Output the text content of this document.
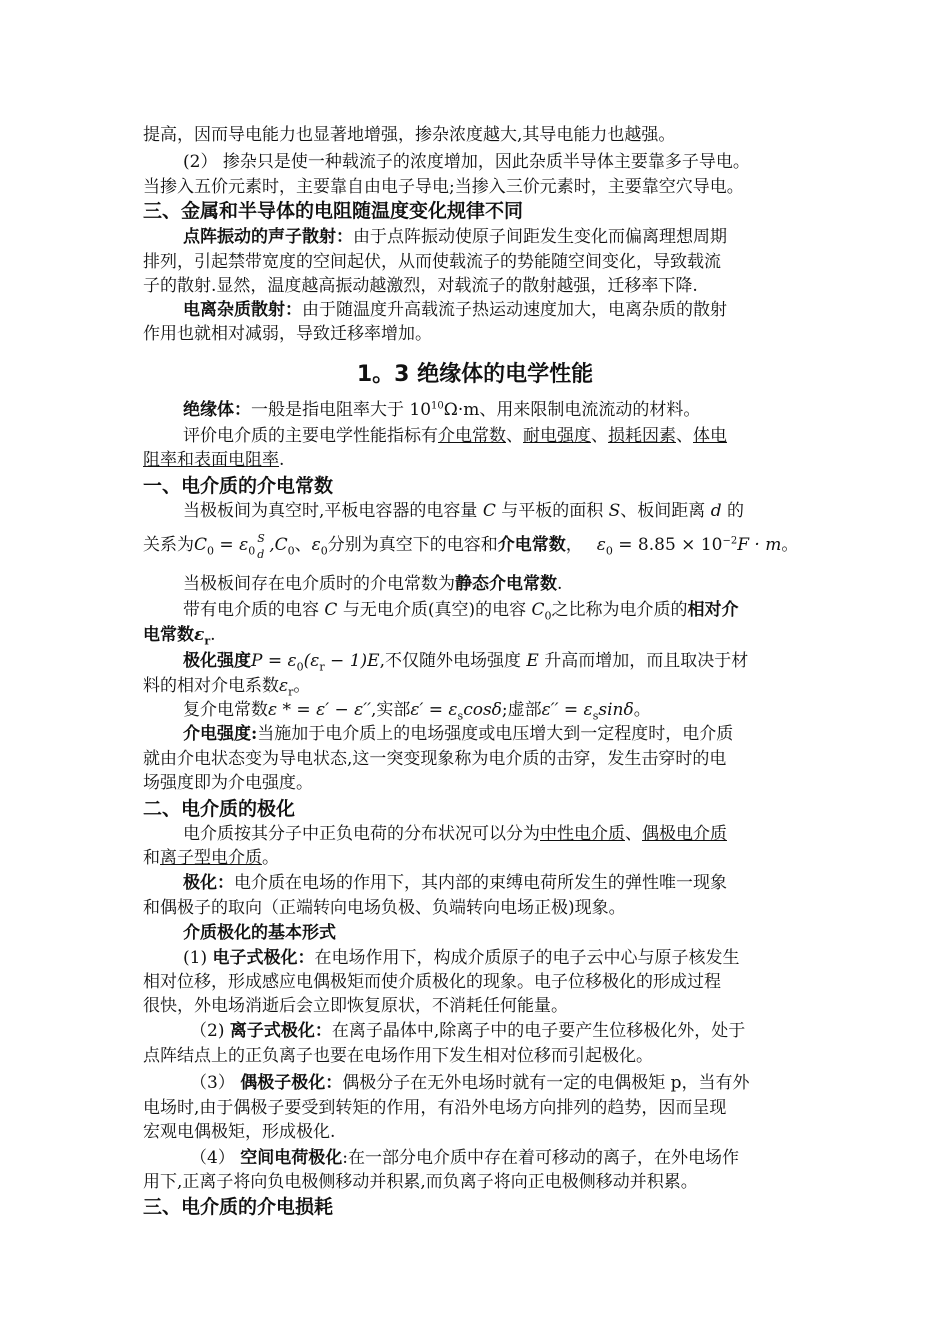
提高，因而导电能力也显著地增强，掺杂浓度越大,其导电能力也越强。
(2） 掺杂只是使一种载流子的浓度增加，因此杂质半导体主要靠多子导电。
当掺入五价元素时，主要靠自由电子导电;当掺入三价元素时，主要靠空穴导电。
三、金属和半导体的电阻随温度变化规律不同
点阵振动的声子散射：由于点阵振动使原子间距发生变化而偏离理想周期
排列，引起禁带宽度的空间起伏，从而使载流子的势能随空间变化，导致载流
子的散射.显然，温度越高振动越激烈，对载流子的散射越强，迁移率下降.
电离杂质散射：由于随温度升高载流子热运动速度加大，电离杂质的散射
作用也就相对减弱，导致迁移率增加。
1。3 绝缘体的电学性能
绝缘体：一般是指电阻率大于 $10^{10}\Omega\cdot m$、用来限制电流流动的材料。
评价电介质的主要电学性能指标有介电常数、耐电强度、损耗因素、体电
阻率和表面电阻率.
一、电介质的介电常数
当极板间为真空时,平板电容器的电容量 C 与平板的面积 S、板间距离 d 的
关系为$C_0 = \varepsilon_0$
S
d $,C_0$、$\varepsilon_0$分别为真空下的电容和介电常数， $\varepsilon_0 = 8.85 \times 10^{-2}F \cdot m$。
当极板间存在电介质时的介电常数为静态介电常数.
带有电介质的电容 C 与无电介质(真空)的电容 $C_0$之比称为电介质的相对介
电常数$\varepsilon_r$.
极化强度$P = \varepsilon_0(\varepsilon_r - 1)E$,不仅随外电场强度 E 升高而增加，而且取决于材
料的相对介电系数$\varepsilon_r$。
复介电常数ε * = ε′ − ε′′,实部$\varepsilon' = \varepsilon_s\cos\delta$;虚部$\varepsilon'' = \varepsilon_s\sin\delta$。
介电强度:当施加于电介质上的电场强度或电压增大到一定程度时，电介质
就由介电状态变为导电状态,这一突变现象称为电介质的击穿，发生击穿时的电
场强度即为介电强度。
二、电介质的极化
电介质按其分子中正负电荷的分布状况可以分为中性电介质、偶极电介质
和离子型电介质。
极化：电介质在电场的作用下，其内部的束缚电荷所发生的弹性唯一现象
和偶极子的取向（正端转向电场负极、负端转向电场正极)现象。
介质极化的基本形式
(1) 电子式极化：在电场作用下，构成介质原子的电子云中心与原子核发生
相对位移，形成感应电偶极矩而使介质极化的现象。电子位移极化的形成过程
很快，外电场消逝后会立即恢复原状，不消耗任何能量。
（2) 离子式极化：在离子晶体中,除离子中的电子要产生位移极化外，处于
点阵结点上的正负离子也要在电场作用下发生相对位移而引起极化。
（3） 偶极子极化：偶极分子在无外电场时就有一定的电偶极矩 p，当有外
电场时,由于偶极子要受到转矩的作用，有沿外电场方向排列的趋势，因而呈现
宏观电偶极矩，形成极化.
（4） 空间电荷极化:在一部分电介质中存在着可移动的离子，在外电场作
用下,正离子将向负电极侧移动并积累,而负离子将向正电极侧移动并积累。
三、电介质的介电损耗
